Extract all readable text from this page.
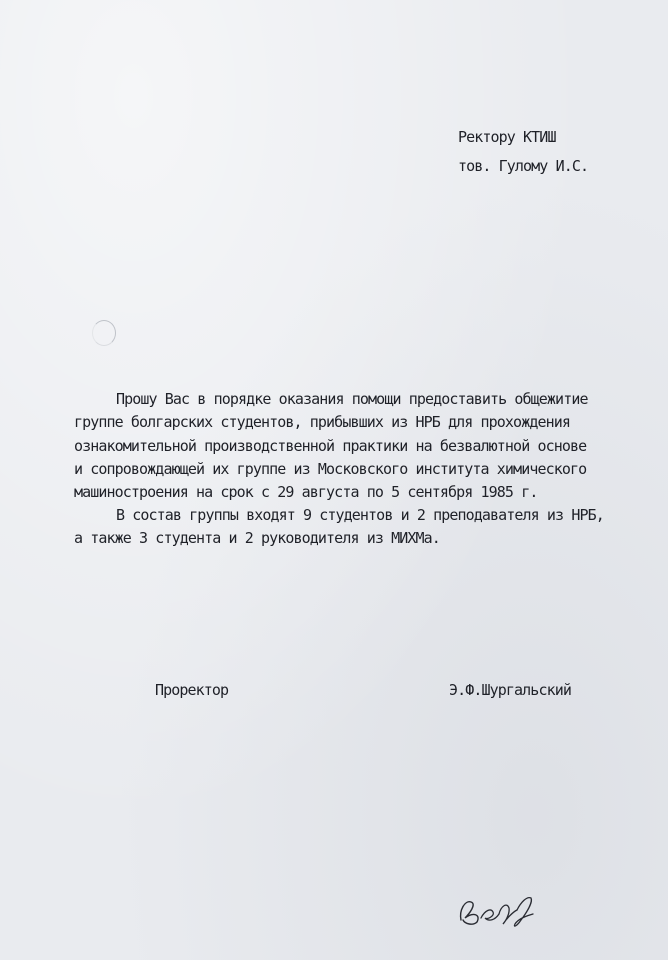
Ректору КТИШ
тов. Гулому И.С.
Прошу Вас в порядке оказания помощи предоставить общежитие
группе болгарских студентов, прибывших из НРБ для прохождения
ознакомительной производственной практики на безвалютной основе
и сопровождающей их группе из Московского института химического
машиностроения на срок с 29 августа по 5 сентября 1985 г.
В состав группы входят 9 студентов и 2 преподавателя из НРБ,
а также 3 студента и 2 руководителя из МИХМа.
Проректор	Э.Ф.Шургальский
